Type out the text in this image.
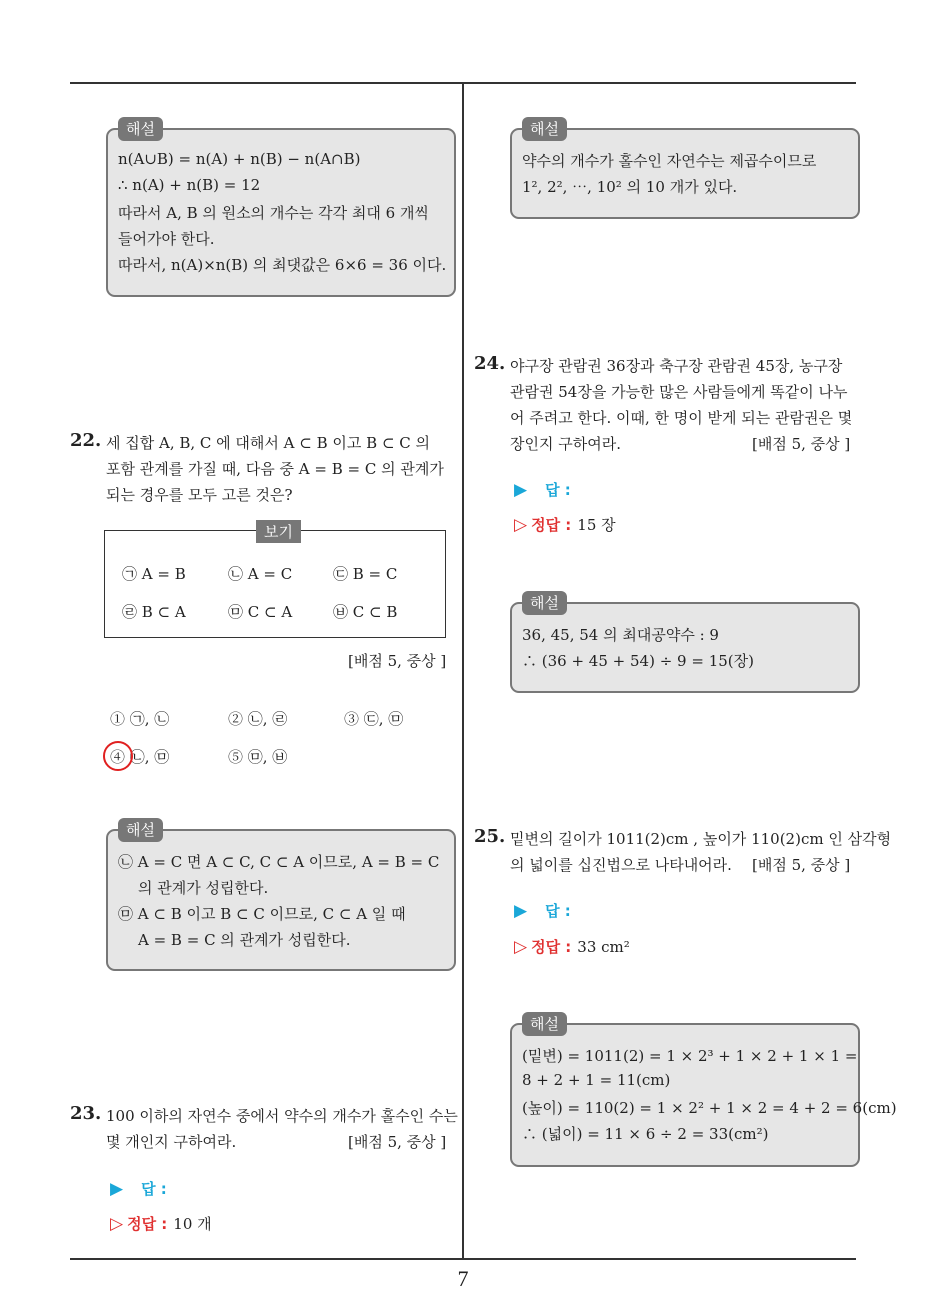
7
해설
n(A∪B) = n(A) + n(B) − n(A∩B)
∴ n(A) + n(B) = 12
따라서 A, B 의 원소의 개수는 각각 최대 6 개씩
들어가야 한다.
따라서, n(A)×n(B) 의 최댓값은 6×6 = 36 이다.
22. 세 집합 A, B, C 에 대해서 A ⊂ B 이고 B ⊂ C 의
포함 관계를 가질 때, 다음 중 A = B = C 의 관계가
되는 경우를 모두 고른 것은?
보기
㉠ A = B	㉡ A = C	㉢ B = C
㉣ B ⊂ A	㉤ C ⊂ A	㉥ C ⊂ B
[배점 5, 중상 ]
① ㉠, ㉡	② ㉡, ㉣	③ ㉢, ㉤
④ ㉡, ㉤	⑤ ㉤, ㉥
해설
㉡ A = C 면 A ⊂ C, C ⊂ A 이므로, A = B = C
의 관계가 성립한다.
㉤ A ⊂ B 이고 B ⊂ C 이므로, C ⊂ A 일 때
A = B = C 의 관계가 성립한다.
23. 100 이하의 자연수 중에서 약수의 개수가 홀수인 수는
몇 개인지 구하여라.	[배점 5, 중상 ]
▶ 답 :
▷ 정답 : 10 개
해설
약수의 개수가 홀수인 자연수는 제곱수이므로
1², 2², ⋯, 10² 의 10 개가 있다.
24. 야구장 관람권 36장과 축구장 관람권 45장, 농구장
관람권 54장을 가능한 많은 사람들에게 똑같이 나누
어 주려고 한다. 이때, 한 명이 받게 되는 관람권은 몇
장인지 구하여라.	[배점 5, 중상 ]
▶ 답 :
▷ 정답 : 15 장
해설
36, 45, 54 의 최대공약수 : 9
∴ (36 + 45 + 54) ÷ 9 = 15(장)
25. 밑변의 길이가 1011(2)cm , 높이가 110(2)cm 인 삼각형
의 넓이를 십진법으로 나타내어라. [배점 5, 중상 ]
▶ 답 :
▷ 정답 : 33 cm²
해설
(밑변) = 1011(2) = 1 × 2³ + 1 × 2 + 1 × 1 =
8 + 2 + 1 = 11(cm)
(높이) = 110(2) = 1 × 2² + 1 × 2 = 4 + 2 = 6(cm)
∴ (넓이) = 11 × 6 ÷ 2 = 33(cm²)
